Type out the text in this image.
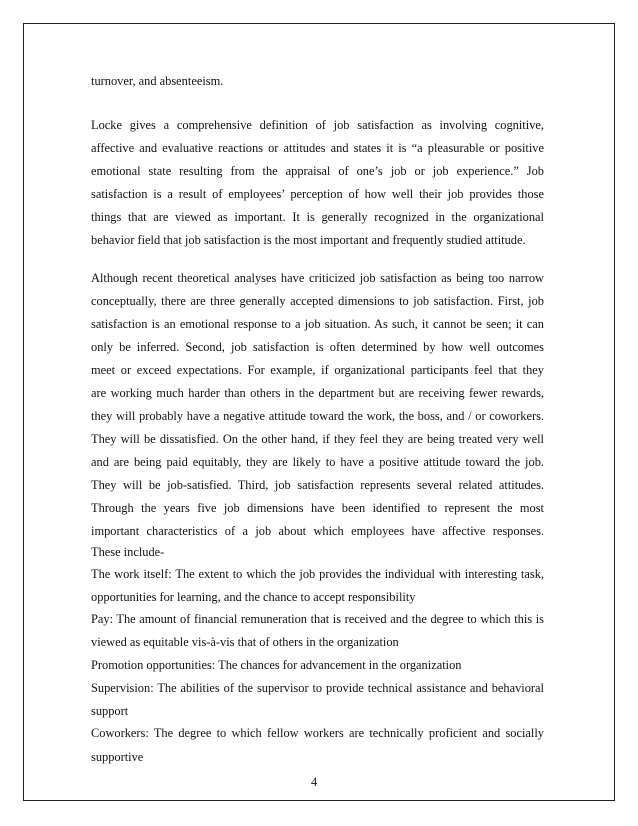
turnover, and absenteeism.
Locke gives a comprehensive definition of job satisfaction as involving cognitive,
affective and evaluative reactions or attitudes and states it is “a pleasurable or positive
emotional state resulting from the appraisal of one’s job or job experience.” Job
satisfaction is a result of employees’ perception of how well their job provides those
things that are viewed as important. It is generally recognized in the organizational
behavior field that job satisfaction is the most important and frequently studied attitude.
Although recent theoretical analyses have criticized job satisfaction as being too narrow
conceptually, there are three generally accepted dimensions to job satisfaction. First, job
satisfaction is an emotional response to a job situation. As such, it cannot be seen; it can
only be inferred. Second, job satisfaction is often determined by how well outcomes
meet or exceed expectations. For example, if organizational participants feel that they
are working much harder than others in the department but are receiving fewer rewards,
they will probably have a negative attitude toward the work, the boss, and / or coworkers.
They will be dissatisfied. On the other hand, if they feel they are being treated very well
and are being paid equitably, they are likely to have a positive attitude toward the job.
They will be job-satisfied. Third, job satisfaction represents several related attitudes.
Through the years five job dimensions have been identified to represent the most
important characteristics of a job about which employees have affective responses.
These include-
The work itself: The extent to which the job provides the individual with interesting task,
opportunities for learning, and the chance to accept responsibility
Pay: The amount of financial remuneration that is received and the degree to which this is
viewed as equitable vis-à-vis that of others in the organization
Promotion opportunities: The chances for advancement in the organization
Supervision: The abilities of the supervisor to provide technical assistance and behavioral
support
Coworkers: The degree to which fellow workers are technically proficient and socially
supportive
4
